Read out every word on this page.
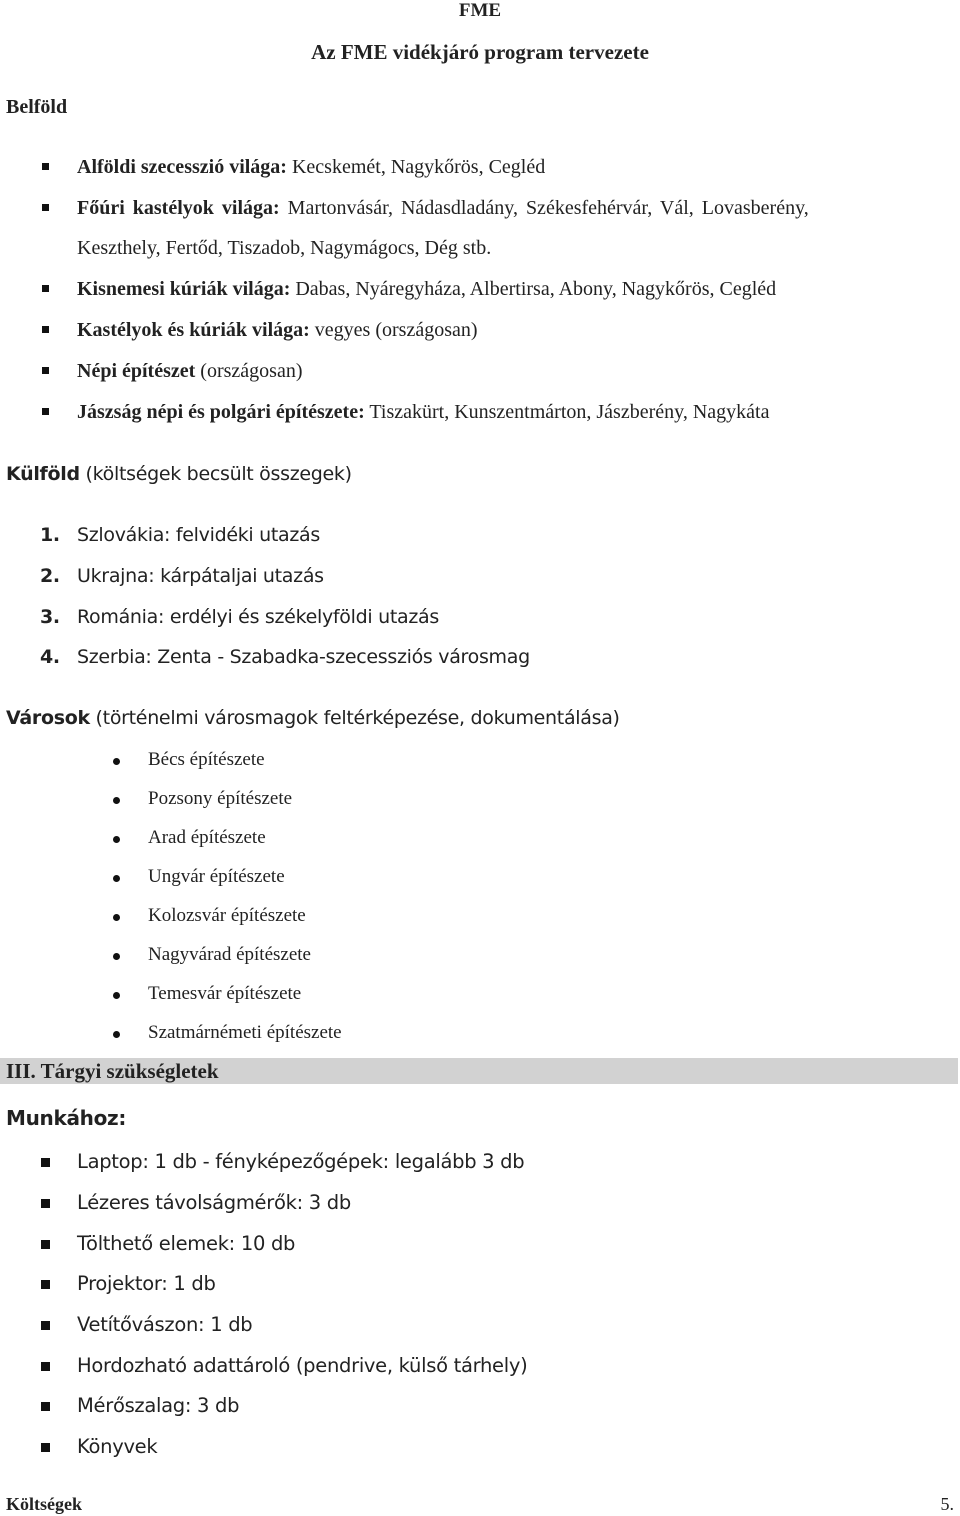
FME
Az FME vidékjáró program tervezete
Belföld
Alföldi szecesszió világa: Kecskemét, Nagykőrös, Cegléd
Főúri kastélyok világa: Martonvásár, Nádasdladány, Székesfehérvár, Vál, Lovasberény,
Keszthely, Fertőd, Tiszadob, Nagymágocs, Dég stb.
Kisnemesi kúriák világa: Dabas, Nyáregyháza, Albertirsa, Abony, Nagykőrös, Cegléd
Kastélyok és kúriák világa: vegyes (országosan)
Népi építészet (országosan)
Jászság népi és polgári építészete: Tiszakürt, Kunszentmárton, Jászberény, Nagykáta
Külföld (költségek becsült összegek)
1. Szlovákia: felvidéki utazás
2. Ukrajna: kárpátaljai utazás
3. Románia: erdélyi és székelyföldi utazás
4. Szerbia: Zenta - Szabadka-szecessziós városmag
Városok (történelmi városmagok feltérképezése, dokumentálása)
Bécs építészete
Pozsony építészete
Arad építészete
Ungvár építészete
Kolozsvár építészete
Nagyvárad építészete
Temesvár építészete
Szatmárnémeti építészete
III. Tárgyi szükségletek
Munkához:
Laptop: 1 db - fényképezőgépek: legalább 3 db
Lézeres távolságmérők: 3 db
Tölthető elemek: 10 db
Projektor: 1 db
Vetítővászon: 1 db
Hordozható adattároló (pendrive, külső tárhely)
Mérőszalag: 3 db
Könyvek
Költségek	5.
